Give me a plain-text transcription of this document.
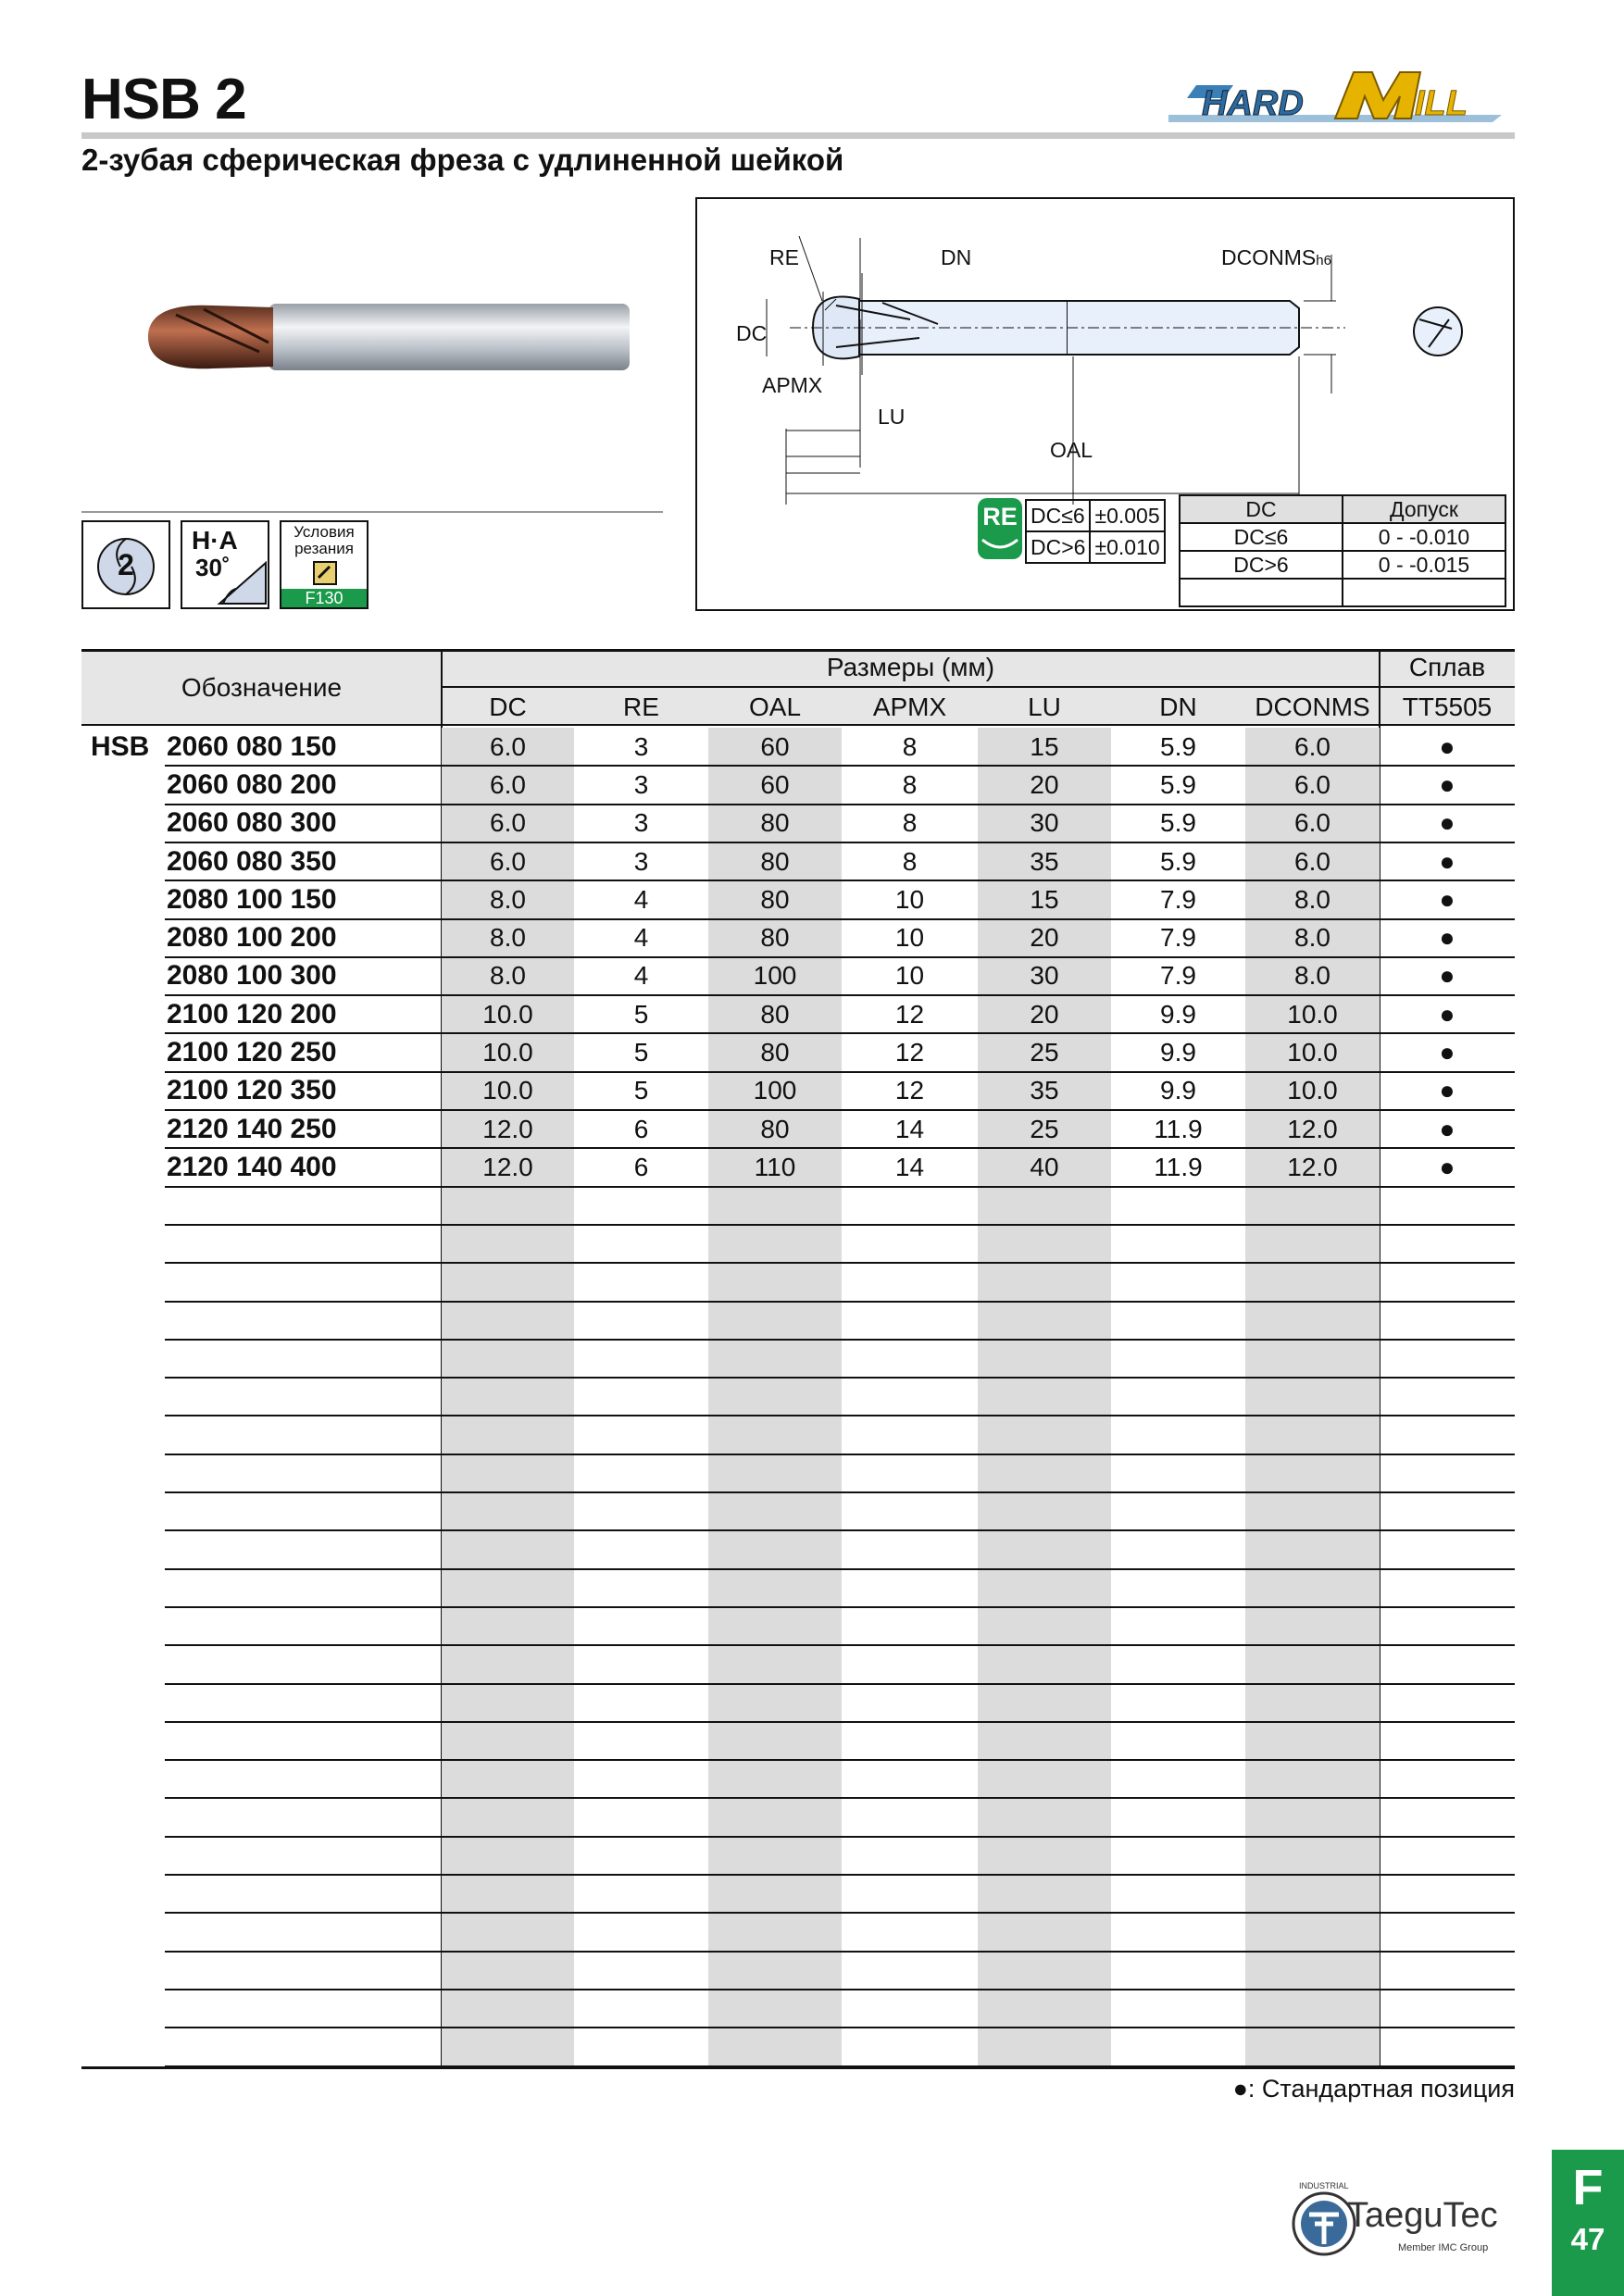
HSB 2	HARD	ILL
2-зубая сферическая фреза с удлиненной шейкой
2
H·A
30˚
Условия
резания
F130
RE	DN	DCONMSh6
DC
APMX
LU
OAL
RE DC≤6	±0.005
DC>6	±0.010
DC	Допуск
DC≤6	0 - -0.010
DC>6	0 - -0.015

Обозначение
Размеры (мм)	Сплав
DC	RE	OAL	APMX	LU	DN	DCONMS	TT5505
HSB 2060 080 150	6.0	3	60	8	15	5.9	6.0	●
2060 080 200	6.0	3	60	8	20	5.9	6.0	●
2060 080 300	6.0	3	80	8	30	5.9	6.0	●
2060 080 350	6.0	3	80	8	35	5.9	6.0	●
2080 100 150	8.0	4	80	10	15	7.9	8.0	●
2080 100 200	8.0	4	80	10	20	7.9	8.0	●
2080 100 300	8.0	4	100	10	30	7.9	8.0	●
2100 120 200	10.0	5	80	12	20	9.9	10.0	●
2100 120 250	10.0	5	80	12	25	9.9	10.0	●
2100 120 350	10.0	5	100	12	35	9.9	10.0	●
2120 140 250	12.0	6	80	14	25	11.9	12.0	●
2120 140 400	12.0	6	110	14	40	11.9	12.0	●
●: Стандартная позиция
TaeguTec
Member IMC Group
INDUSTRIAL	F
47
